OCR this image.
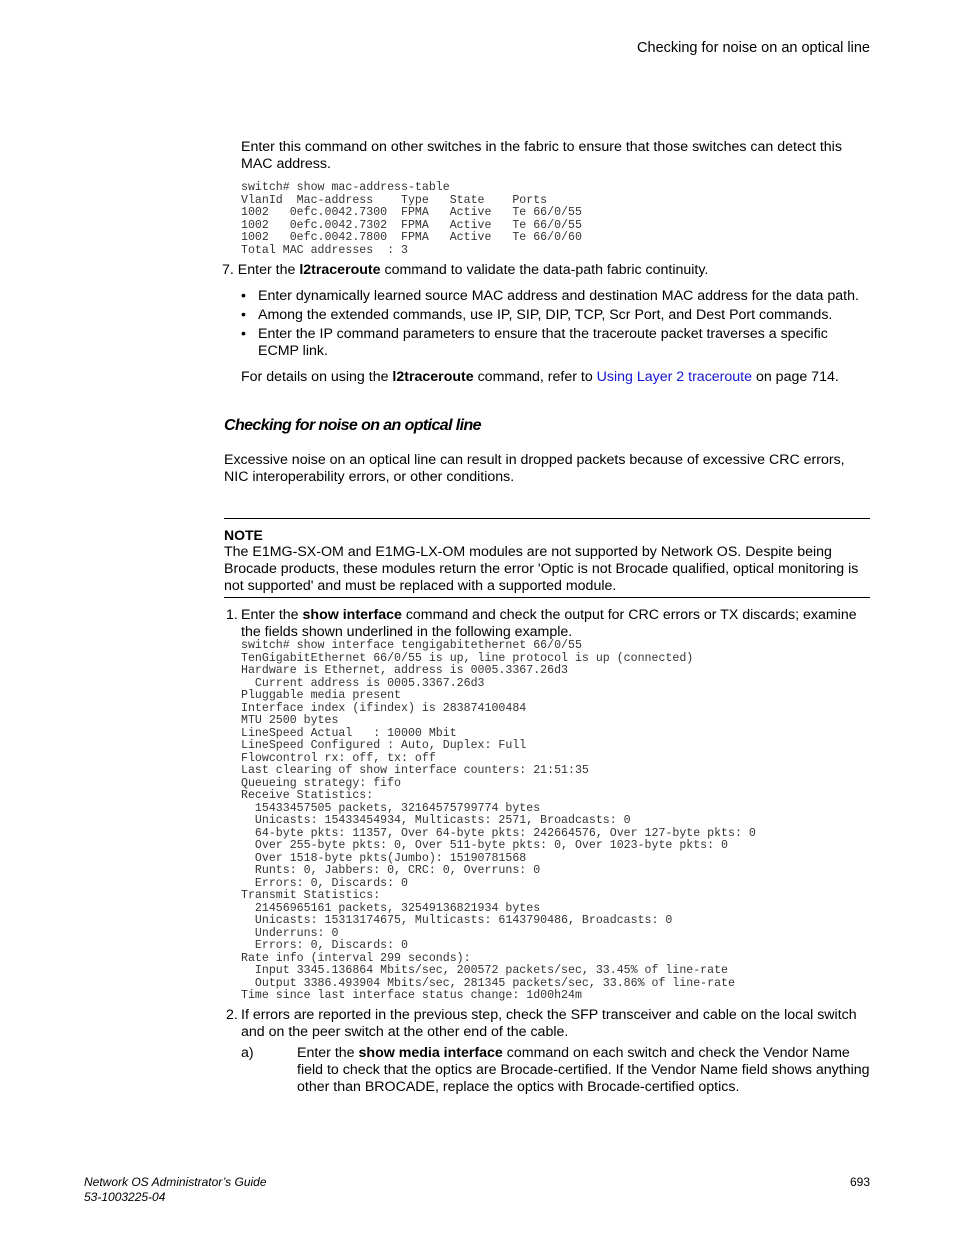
Checking for noise on an optical line
Enter this command on other switches in the fabric to ensure that those switches can detect this MAC address.
switch# show mac-address-table
VlanId  Mac-address    Type   State    Ports
1002   0efc.0042.7300  FPMA   Active   Te 66/0/55
1002   0efc.0042.7302  FPMA   Active   Te 66/0/55
1002   0efc.0042.7800  FPMA   Active   Te 66/0/60
Total MAC addresses  : 3
7. Enter the l2traceroute command to validate the data-path fabric continuity.
• Enter dynamically learned source MAC address and destination MAC address for the data path.
• Among the extended commands, use IP, SIP, DIP, TCP, Scr Port, and Dest Port commands.
• Enter the IP command parameters to ensure that the traceroute packet traverses a specific ECMP link.
For details on using the l2traceroute command, refer to Using Layer 2 traceroute on page 714.
Checking for noise on an optical line
Excessive noise on an optical line can result in dropped packets because of excessive CRC errors, NIC interoperability errors, or other conditions.
NOTE
The E1MG-SX-OM and E1MG-LX-OM modules are not supported by Network OS. Despite being Brocade products, these modules return the error 'Optic is not Brocade qualified, optical monitoring is not supported' and must be replaced with a supported module.
1. Enter the show interface command and check the output for CRC errors or TX discards; examine the fields shown underlined in the following example.
switch# show interface tengigabitethernet 66/0/55
TenGigabitEthernet 66/0/55 is up, line protocol is up (connected)
Hardware is Ethernet, address is 0005.3367.26d3
Current address is 0005.3367.26d3
Pluggable media present
Interface index (ifindex) is 283874100484
MTU 2500 bytes
LineSpeed Actual   : 10000 Mbit
LineSpeed Configured : Auto, Duplex: Full
Flowcontrol rx: off, tx: off
Last clearing of show interface counters: 21:51:35
Queueing strategy: fifo
Receive Statistics:
15433457505 packets, 32164575799774 bytes
Unicasts: 15433454934, Multicasts: 2571, Broadcasts: 0
64-byte pkts: 11357, Over 64-byte pkts: 242664576, Over 127-byte pkts: 0
Over 255-byte pkts: 0, Over 511-byte pkts: 0, Over 1023-byte pkts: 0
Over 1518-byte pkts(Jumbo): 15190781568
Runts: 0, Jabbers: 0, CRC: 0, Overruns: 0
Errors: 0, Discards: 0
Transmit Statistics:
21456965161 packets, 32549136821934 bytes
Unicasts: 15313174675, Multicasts: 6143790486, Broadcasts: 0
Underruns: 0
Errors: 0, Discards: 0
Rate info (interval 299 seconds):
Input 3345.136864 Mbits/sec, 200572 packets/sec, 33.45% of line-rate
Output 3386.493904 Mbits/sec, 281345 packets/sec, 33.86% of line-rate
Time since last interface status change: 1d00h24m
2. If errors are reported in the previous step, check the SFP transceiver and cable on the local switch and on the peer switch at the other end of the cable.
a)	Enter the show media interface command on each switch and check the Vendor Name field to check that the optics are Brocade-certified. If the Vendor Name field shows anything other than BROCADE, replace the optics with Brocade-certified optics.
Network OS Administrator’s Guide
53-1003225-04
693
